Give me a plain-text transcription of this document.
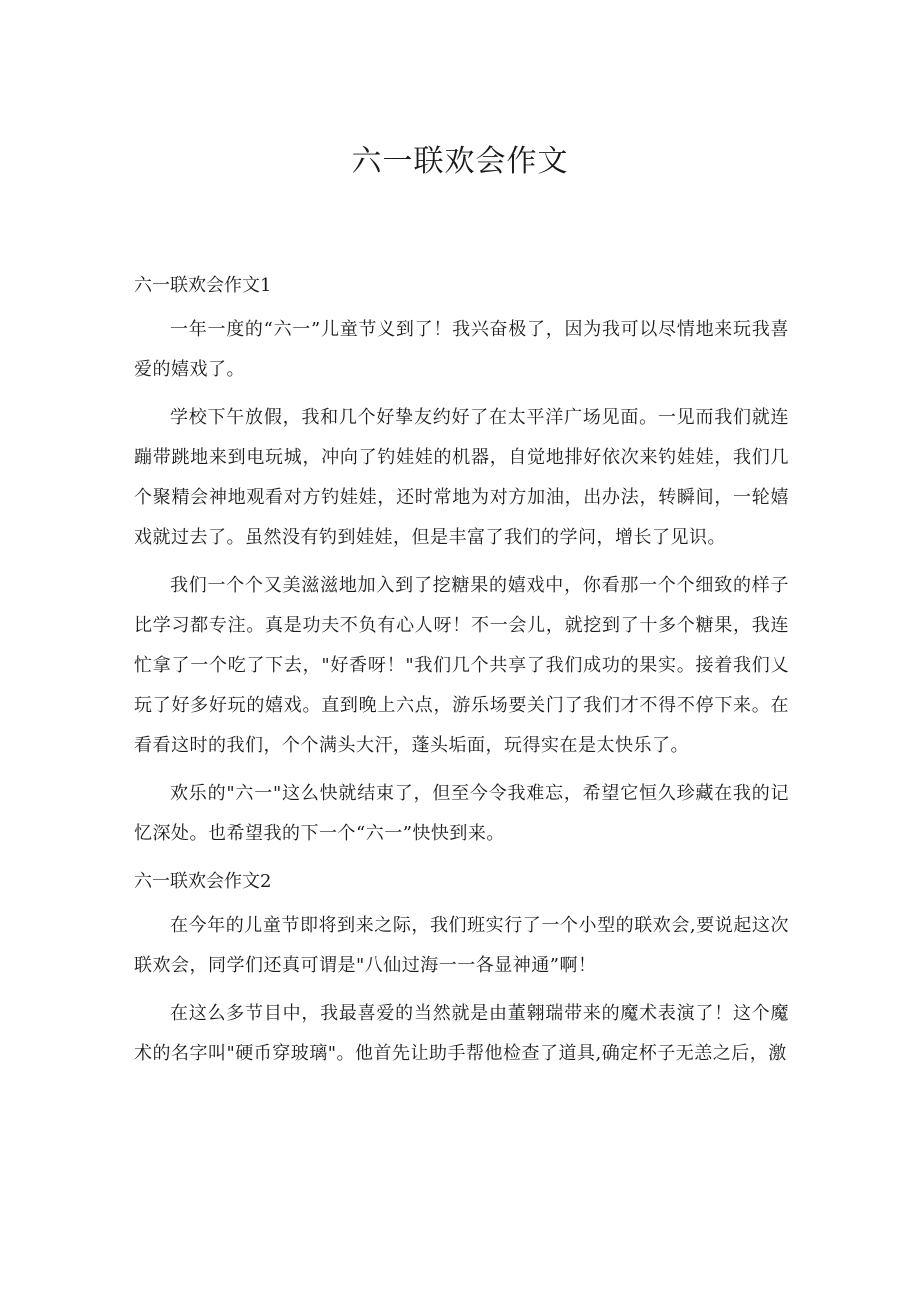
六一联欢会作文
六一联欢会作文1

一年一度的“六一”儿童节义到了！我兴奋极了，因为我可以尽情地来玩我喜爱的嬉戏了。

学校下午放假，我和几个好挚友约好了在太平洋广场见面。一见而我们就连蹦带跳地来到电玩城，冲向了钓娃娃的机器，自觉地排好依次来钓娃娃，我们几个聚精会神地观看对方钓娃娃，还时常地为对方加油，出办法，转瞬间，一轮嬉戏就过去了。虽然没有钓到娃娃，但是丰富了我们的学问，增长了见识。

我们一个个又美滋滋地加入到了挖糖果的嬉戏中，你看那一个个细致的样子比学习都专注。真是功夫不负有心人呀！不一会儿，就挖到了十多个糖果，我连忙拿了一个吃了下去，"好香呀！"我们几个共享了我们成功的果实。接着我们乂玩了好多好玩的嬉戏。直到晚上六点，游乐场要关门了我们才不得不停下来。在看看这时的我们，个个满头大汗，蓬头垢面，玩得实在是太快乐了。

欢乐的"六一"这么快就结束了，但至今令我难忘，希望它恒久珍藏在我的记忆深处。也希望我的下一个“六一”快快到来。

六一联欢会作文2

在今年的儿童节即将到来之际，我们班实行了一个小型的联欢会,要说起这次联欢会，同学们还真可谓是"八仙过海一一各显神通”啊！

在这么多节目中，我最喜爱的当然就是由董翱瑞带来的魔术表演了！这个魔术的名字叫"硬币穿玻璃"。他首先让助手帮他检查了道具,确定杯子无恙之后，激
